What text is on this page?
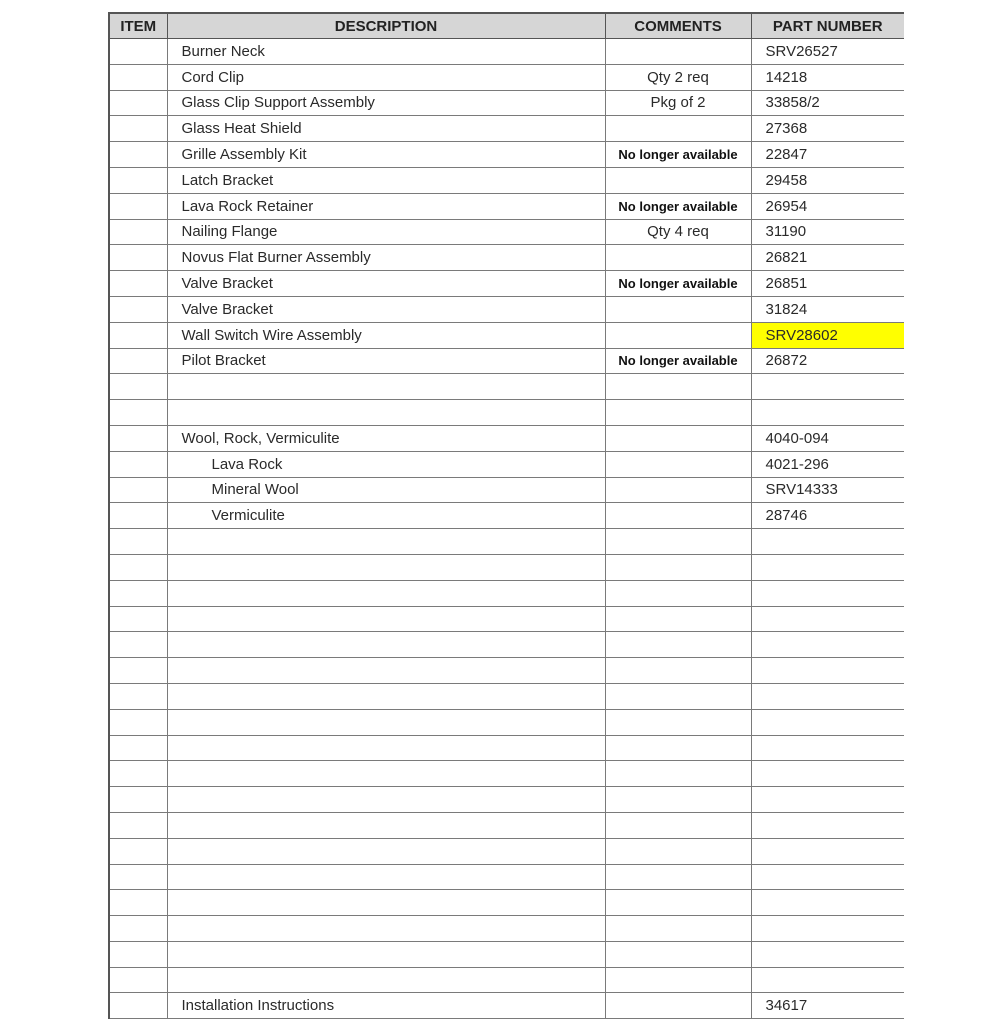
ITEM	DESCRIPTION	COMMENTS	PART NUMBER
	Burner Neck		SRV26527
	Cord Clip	Qty 2 req	14218
	Glass Clip Support Assembly	Pkg of 2	33858/2
	Glass Heat Shield		27368
	Grille Assembly Kit	No longer available	22847
	Latch Bracket		29458
	Lava Rock Retainer	No longer available	26954
	Nailing Flange	Qty 4 req	31190
	Novus Flat Burner Assembly		26821
	Valve Bracket	No longer available	26851
	Valve Bracket		31824
	Wall Switch Wire Assembly		SRV28602
	Pilot Bracket	No longer available	26872

	Wool, Rock, Vermiculite		4040-094
	Lava Rock		4021-296
	Mineral Wool		SRV14333
	Vermiculite		28746

	Installation Instructions		34617
